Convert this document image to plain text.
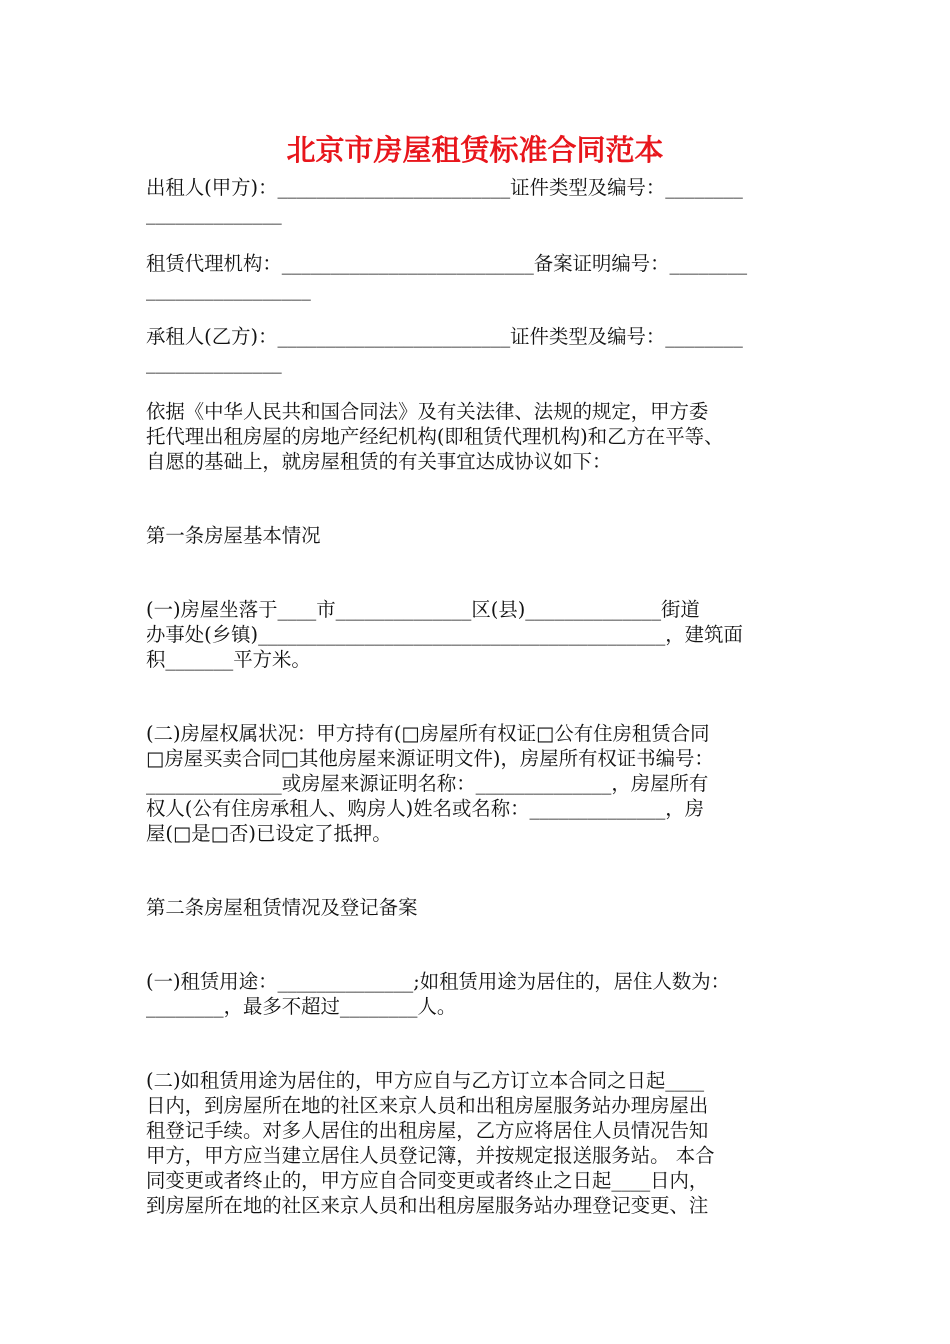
北京市房屋租赁标准合同范本
出租人(甲方)：________________________证件类型及编号：________
______________
租赁代理机构：__________________________备案证明编号：________
_________________
承租人(乙方)：________________________证件类型及编号：________
______________
依据《中华人民共和国合同法》及有关法律、法规的规定，甲方委
托代理出租房屋的房地产经纪机构(即租赁代理机构)和乙方在平等、
自愿的基础上，就房屋租赁的有关事宜达成协议如下：
第一条房屋基本情况
(一)房屋坐落于____市______________区(县)______________街道
办事处(乡镇)__________________________________________，建筑面
积_______平方米。
(二)房屋权属状况：甲方持有(□房屋所有权证□公有住房租赁合同
□房屋买卖合同□其他房屋来源证明文件)，房屋所有权证书编号：
______________或房屋来源证明名称：______________，房屋所有
权人(公有住房承租人、购房人)姓名或名称：______________，房
屋(□是□否)已设定了抵押。
第二条房屋租赁情况及登记备案
(一)租赁用途：______________;如租赁用途为居住的，居住人数为：
________，最多不超过________人。
(二)如租赁用途为居住的，甲方应自与乙方订立本合同之日起____
日内，到房屋所在地的社区来京人员和出租房屋服务站办理房屋出
租登记手续。对多人居住的出租房屋，乙方应将居住人员情况告知
甲方，甲方应当建立居住人员登记簿，并按规定报送服务站。 本合
同变更或者终止的，甲方应自合同变更或者终止之日起____日内，
到房屋所在地的社区来京人员和出租房屋服务站办理登记变更、注
